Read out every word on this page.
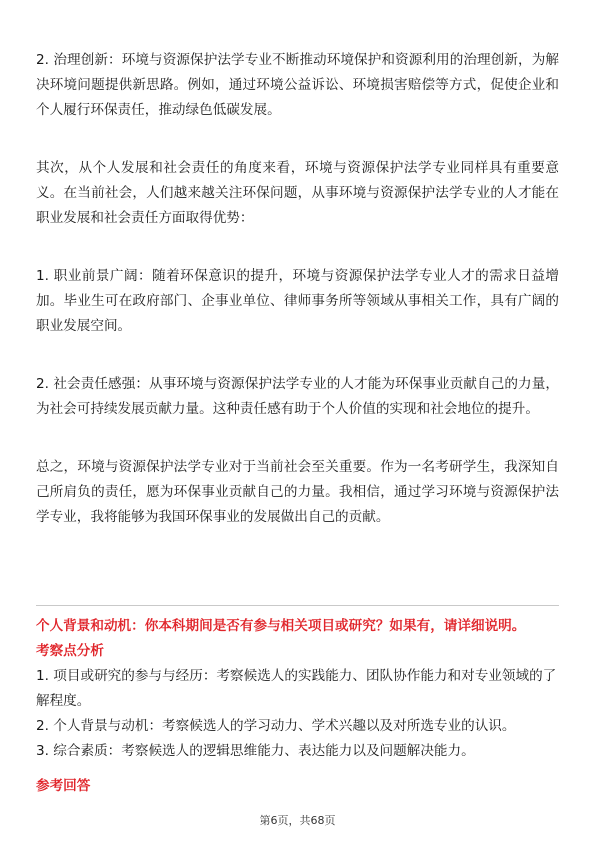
2. 治理创新：环境与资源保护法学专业不断推动环境保护和资源利用的治理创新，为解决环境问题提供新思路。例如，通过环境公益诉讼、环境损害赔偿等方式，促使企业和个人履行环保责任，推动绿色低碳发展。

其次，从个人发展和社会责任的角度来看，环境与资源保护法学专业同样具有重要意义。在当前社会，人们越来越关注环保问题，从事环境与资源保护法学专业的人才能在职业发展和社会责任方面取得优势：

1. 职业前景广阔：随着环保意识的提升，环境与资源保护法学专业人才的需求日益增加。毕业生可在政府部门、企事业单位、律师事务所等领域从事相关工作，具有广阔的职业发展空间。

2. 社会责任感强：从事环境与资源保护法学专业的人才能为环保事业贡献自己的力量，为社会可持续发展贡献力量。这种责任感有助于个人价值的实现和社会地位的提升。

总之，环境与资源保护法学专业对于当前社会至关重要。作为一名考研学生，我深知自己所肩负的责任，愿为环保事业贡献自己的力量。我相信，通过学习环境与资源保护法学专业，我将能够为我国环保事业的发展做出自己的贡献。

个人背景和动机：你本科期间是否有参与相关项目或研究？如果有，请详细说明。

考察点分析

1. 项目或研究的参与与经历：考察候选人的实践能力、团队协作能力和对专业领域的了解程度。

2. 个人背景与动机：考察候选人的学习动力、学术兴趣以及对所选专业的认识。

3. 综合素质：考察候选人的逻辑思维能力、表达能力以及问题解决能力。

参考回答

第6页，共68页
